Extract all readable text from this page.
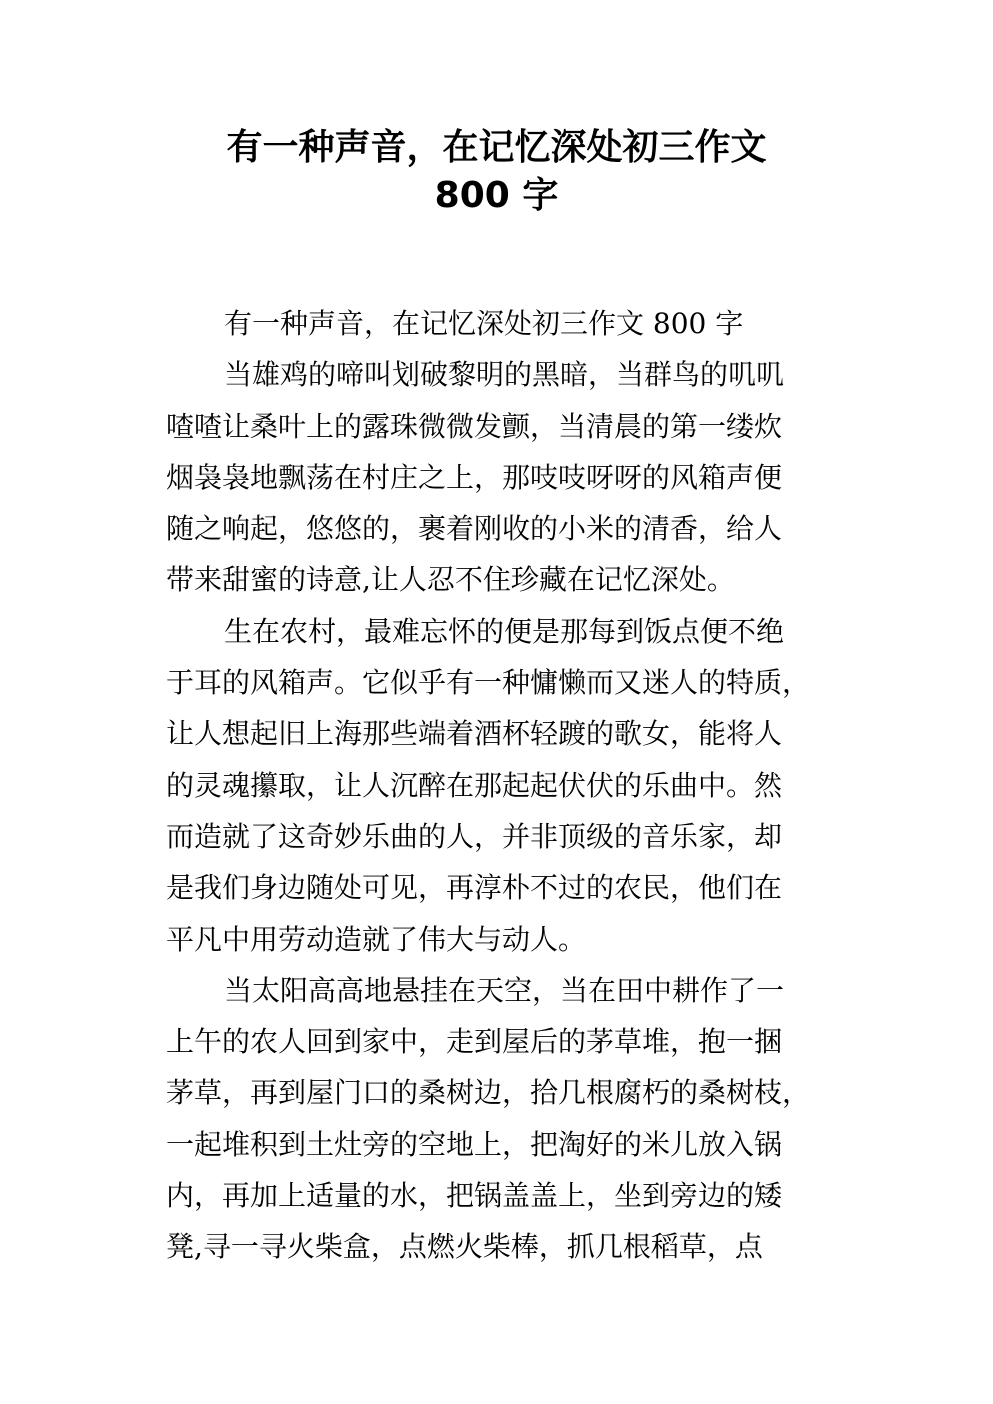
有一种声音，在记忆深处初三作文
800 字
有一种声音，在记忆深处初三作文 800 字
当雄鸡的啼叫划破黎明的黑暗，当群鸟的叽叽
喳喳让桑叶上的露珠微微发颤，当清晨的第一缕炊
烟袅袅地飘荡在村庄之上，那吱吱呀呀的风箱声便
随之响起，悠悠的，裹着刚收的小米的清香，给人
带来甜蜜的诗意,让人忍不住珍藏在记忆深处。
生在农村，最难忘怀的便是那每到饭点便不绝
于耳的风箱声。它似乎有一种慵懒而又迷人的特质，
让人想起旧上海那些端着酒杯轻踱的歌女，能将人
的灵魂攥取，让人沉醉在那起起伏伏的乐曲中。然
而造就了这奇妙乐曲的人，并非顶级的音乐家，却
是我们身边随处可见，再淳朴不过的农民，他们在
平凡中用劳动造就了伟大与动人。
当太阳高高地悬挂在天空，当在田中耕作了一
上午的农人回到家中，走到屋后的茅草堆，抱一捆
茅草，再到屋门口的桑树边，拾几根腐朽的桑树枝，
一起堆积到土灶旁的空地上，把淘好的米儿放入锅
内，再加上适量的水，把锅盖盖上，坐到旁边的矮
凳,寻一寻火柴盒，点燃火柴棒，抓几根稻草，点
